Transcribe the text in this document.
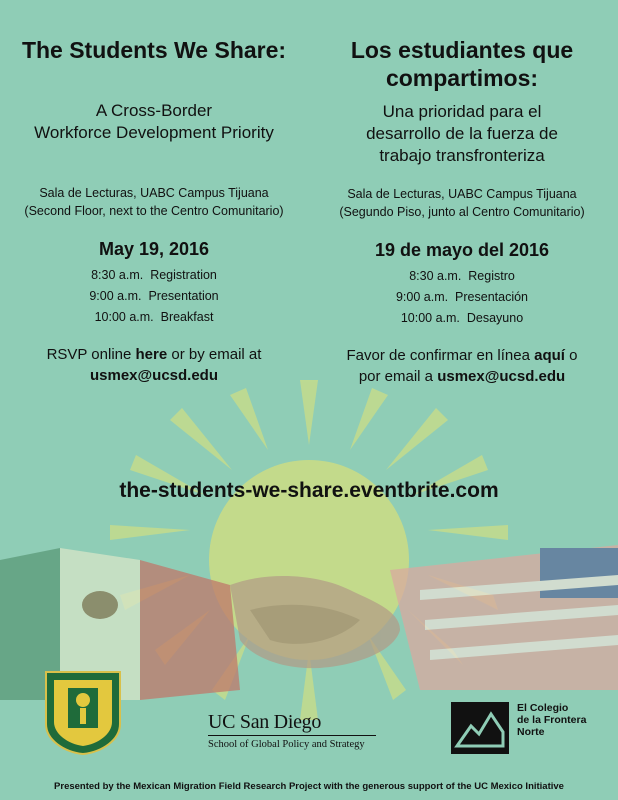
The Students We Share:
A Cross-Border
Workforce Development Priority
Sala de Lecturas, UABC Campus Tijuana
(Second Floor, next to the Centro Comunitario)
May 19, 2016
8:30 a.m. Registration
9:00 a.m. Presentation
10:00 a.m. Breakfast
RSVP online here or by email at
usmex@ucsd.edu
Los estudiantes que
compartimos:
Una prioridad para el
desarrollo de la fuerza de
trabajo transfronteriza
Sala de Lecturas, UABC Campus Tijuana
(Segundo Piso, junto al Centro Comunitario)
19 de mayo del 2016
8:30 a.m. Registro
9:00 a.m. Presentación
10:00 a.m. Desayuno
Favor de confirmar en línea aquí o
por email a usmex@ucsd.edu
the-students-we-share.eventbrite.com
UC San Diego
School of Global Policy and Strategy
El Colegio
de la Frontera
Norte
Presented by the Mexican Migration Field Research Project with the generous support of the UC Mexico Initiative
